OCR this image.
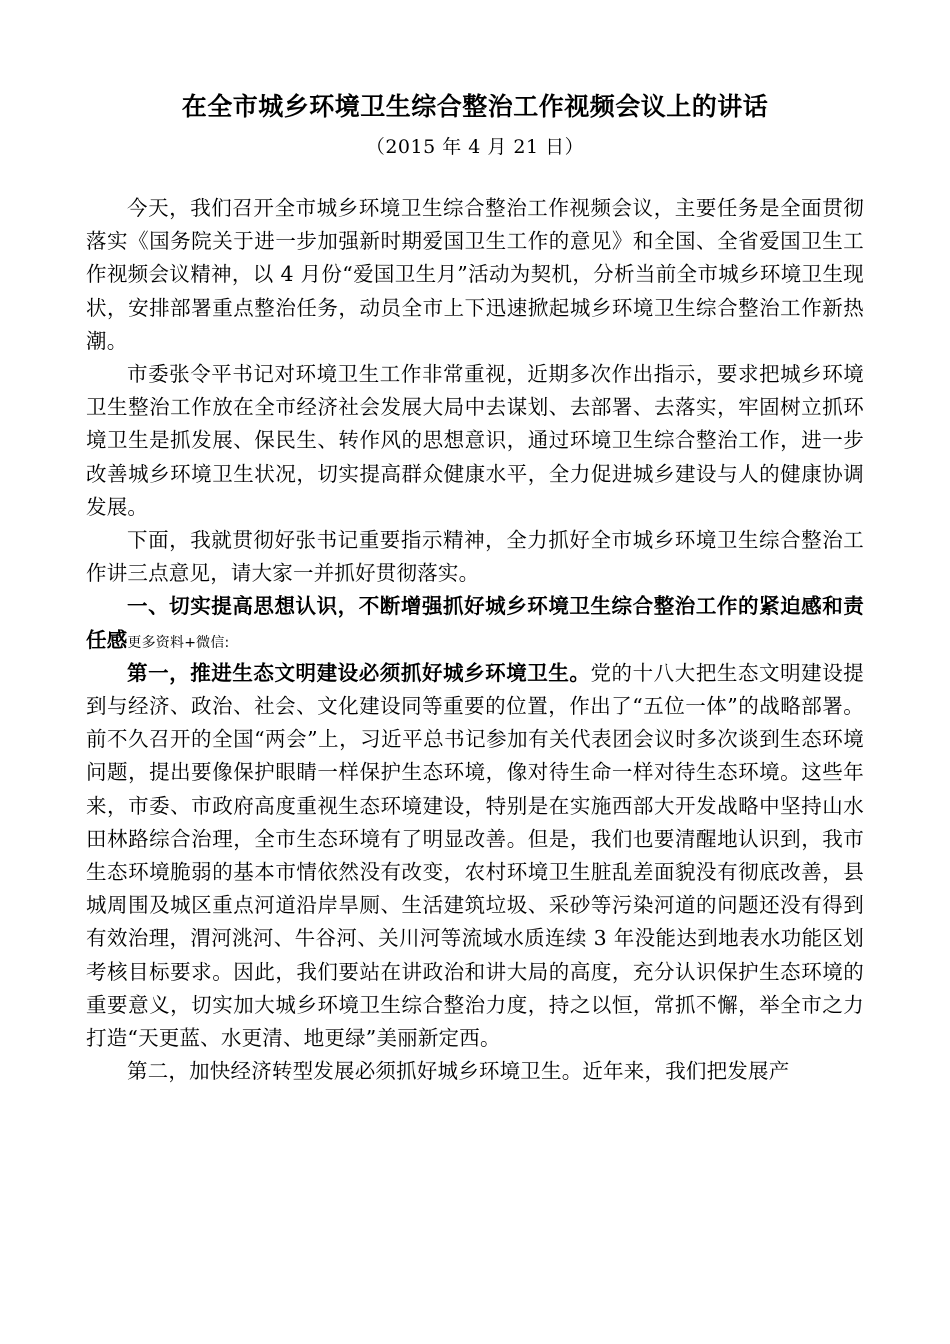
在全市城乡环境卫生综合整治工作视频会议上的讲话
（2015 年 4 月 21 日）

今天，我们召开全市城乡环境卫生综合整治工作视频会议，主要任务是全面贯彻落实《国务院关于进一步加强新时期爱国卫生工作的意见》和全国、全省爱国卫生工作视频会议精神，以 4 月份“爱国卫生月”活动为契机，分析当前全市城乡环境卫生现状，安排部署重点整治任务，动员全市上下迅速掀起城乡环境卫生综合整治工作新热潮。

市委张令平书记对环境卫生工作非常重视，近期多次作出指示，要求把城乡环境卫生整治工作放在全市经济社会发展大局中去谋划、去部署、去落实，牢固树立抓环境卫生是抓发展、保民生、转作风的思想意识，通过环境卫生综合整治工作，进一步改善城乡环境卫生状况，切实提高群众健康水平，全力促进城乡建设与人的健康协调发展。

下面，我就贯彻好张书记重要指示精神，全力抓好全市城乡环境卫生综合整治工作讲三点意见，请大家一并抓好贯彻落实。

一、切实提高思想认识，不断增强抓好城乡环境卫生综合整治工作的紧迫感和责任感更多资料+微信:

第一，推进生态文明建设必须抓好城乡环境卫生。党的十八大把生态文明建设提到与经济、政治、社会、文化建设同等重要的位置，作出了“五位一体”的战略部署。前不久召开的全国“两会”上，习近平总书记参加有关代表团会议时多次谈到生态环境问题，提出要像保护眼睛一样保护生态环境，像对待生命一样对待生态环境。这些年来，市委、市政府高度重视生态环境建设，特别是在实施西部大开发战略中坚持山水田林路综合治理，全市生态环境有了明显改善。但是，我们也要清醒地认识到，我市生态环境脆弱的基本市情依然没有改变，农村环境卫生脏乱差面貌没有彻底改善，县城周围及城区重点河道沿岸旱厕、生活建筑垃圾、采砂等污染河道的问题还没有得到有效治理，渭河洮河、牛谷河、关川河等流域水质连续 3 年没能达到地表水功能区划考核目标要求。因此，我们要站在讲政治和讲大局的高度，充分认识保护生态环境的重要意义，切实加大城乡环境卫生综合整治力度，持之以恒，常抓不懈，举全市之力打造“天更蓝、水更清、地更绿”美丽新定西。

第二，加快经济转型发展必须抓好城乡环境卫生。近年来，我们把发展产
